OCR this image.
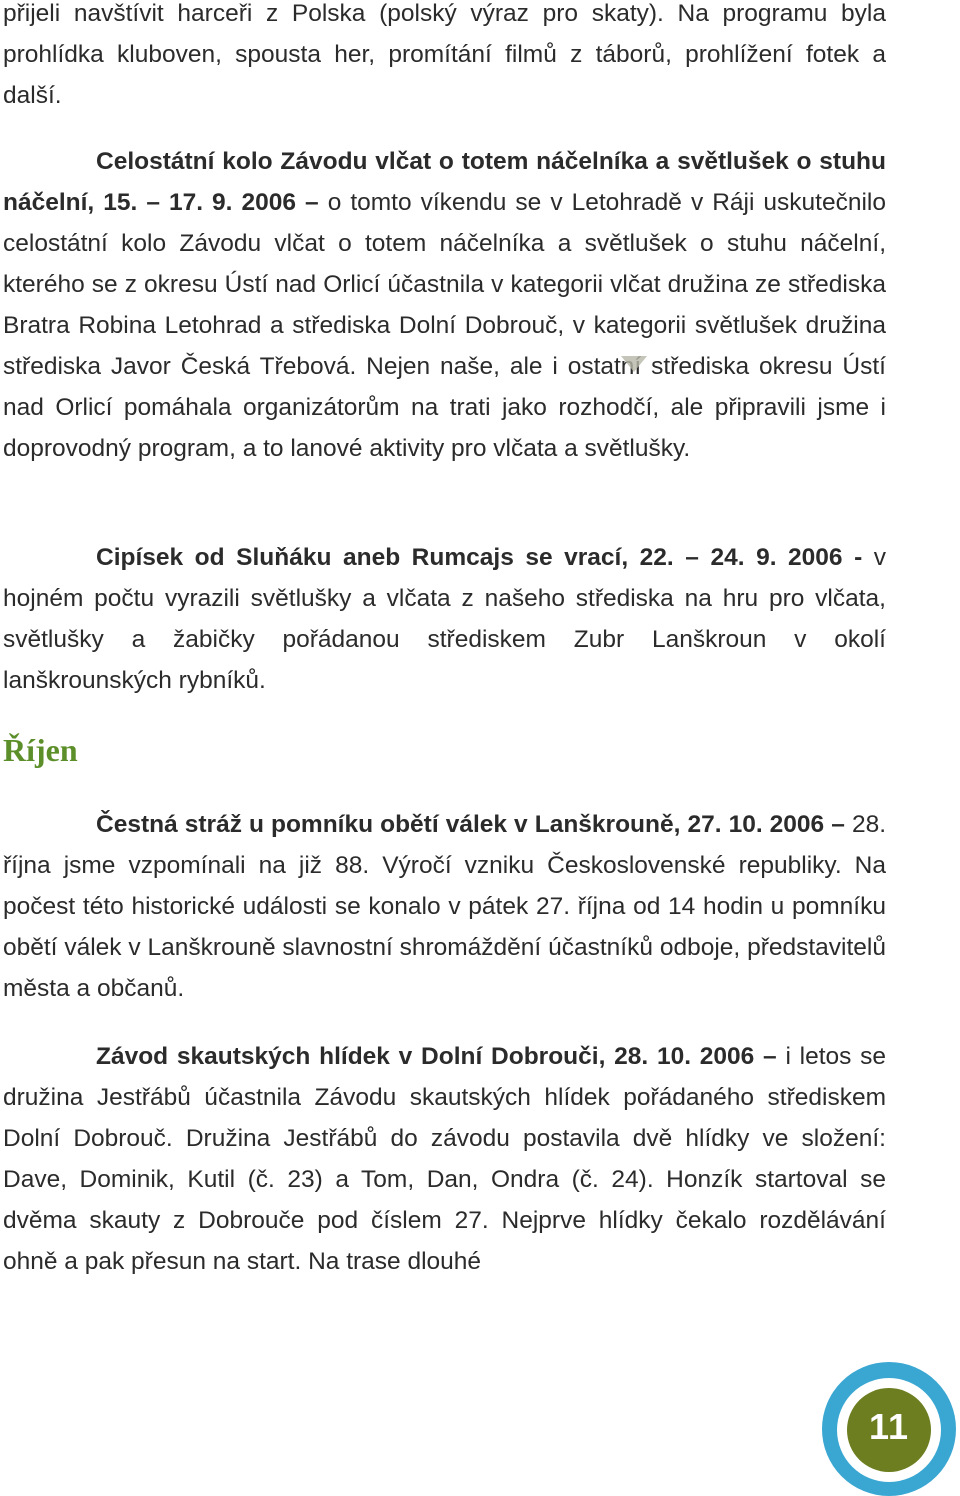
přijeli navštívit harceři z Polska (polský výraz pro skaty). Na programu byla prohlídka kluboven, spousta her, promítání filmů z táborů, prohlížení fotek a další.
Celostátní kolo Závodu vlčat o totem náčelníka a světlušek o stuhu náčelní, 15. – 17. 9. 2006 – o tomto víkendu se v Letohradě v Ráji uskutečnilo celostátní kolo Závodu vlčat o totem náčelníka a světlušek o stuhu náčelní, kterého se z okresu Ústí nad Orlicí účastnila v kategorii vlčat družina ze střediska Bratra Robina Letohrad a střediska Dolní Dobrouč, v kategorii světlušek družina střediska Javor Česká Třebová. Nejen naše, ale i ostatní střediska okresu Ústí nad Orlicí pomáhala organizátorům na trati jako rozhodčí, ale připravili jsme i doprovodný program, a to lanové aktivity pro vlčata a světlušky.
Cipísek od Sluňáku aneb Rumcajs se vrací, 22. – 24. 9. 2006 - v hojném počtu vyrazili světlušky a vlčata z našeho střediska na hru pro vlčata, světlušky a žabičky pořádanou střediskem Zubr Lanškroun v okolí lanškrounských rybníků.
Říjen
Čestná stráž u pomníku obětí válek v Lanškrouně, 27. 10. 2006 – 28. října jsme vzpomínali na již 88. Výročí vzniku Československé republiky. Na počest této historické události se konalo v pátek 27. října od 14 hodin u pomníku obětí válek v Lanškrouně slavnostní shromáždění účastníků odboje, představitelů města a občanů.
Závod skautských hlídek v Dolní Dobrouči, 28. 10. 2006 – i letos se družina Jestřábů účastnila Závodu skautských hlídek pořádaného střediskem Dolní Dobrouč. Družina Jestřábů do závodu postavila dvě hlídky ve složení: Dave, Dominik, Kutil (č. 23) a Tom, Dan, Ondra (č. 24). Honzík startoval se dvěma skauty z Dobrouče pod číslem 27. Nejprve hlídky čekalo rozdělávání ohně a pak přesun na start. Na trase dlouhé
11
